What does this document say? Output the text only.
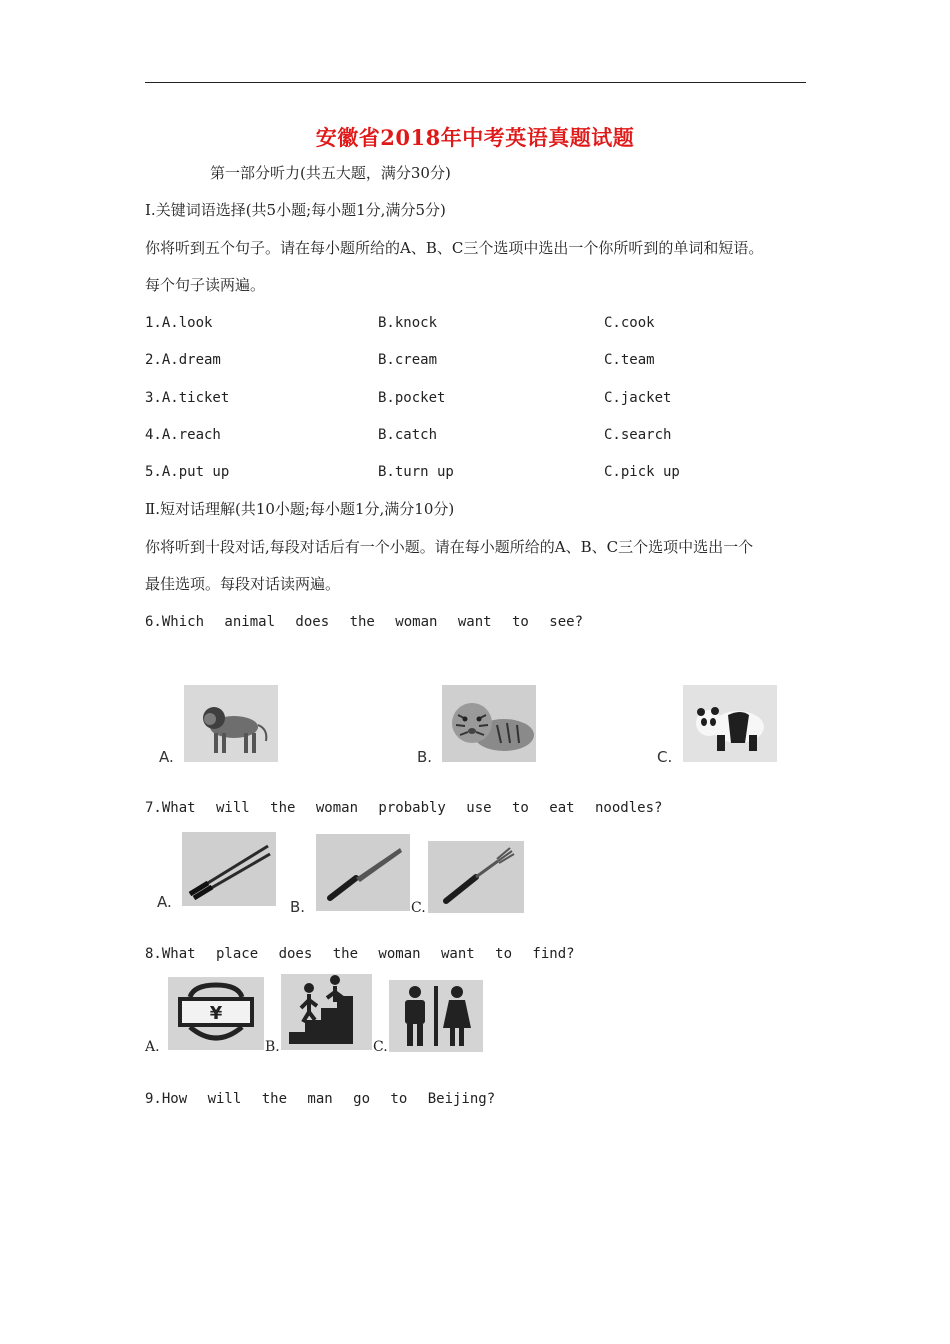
安徽省2018年中考英语真题试题
第一部分听力(共五大题，满分30分)
I.关键词语选择(共5小题;每小题1分,满分5分)
你将听到五个句子。请在每小题所给的A、B、C三个选项中选出一个你所听到的单词和短语。
每个句子读两遍。
1.A.look	B.knock	C.cook
2.A.dream	B.cream	C.team
3.A.ticket	B.pocket	C.jacket
4.A.reach	B.catch	C.search
5.A.put up	B.turn up	C.pick up
Ⅱ.短对话理解(共10小题;每小题1分,满分10分)
你将听到十段对话,每段对话后有一个小题。请在每小题所给的A、B、C三个选项中选出一个
最佳选项。每段对话读两遍。
6.Which animal does the woman want to see?
A.	B.	C.
7.What will the woman probably use to eat noodles?
A.	B.	C.
8.What place does the woman want to find?
A.
¥
B.	C.
9.How will the man go to Beijing?
